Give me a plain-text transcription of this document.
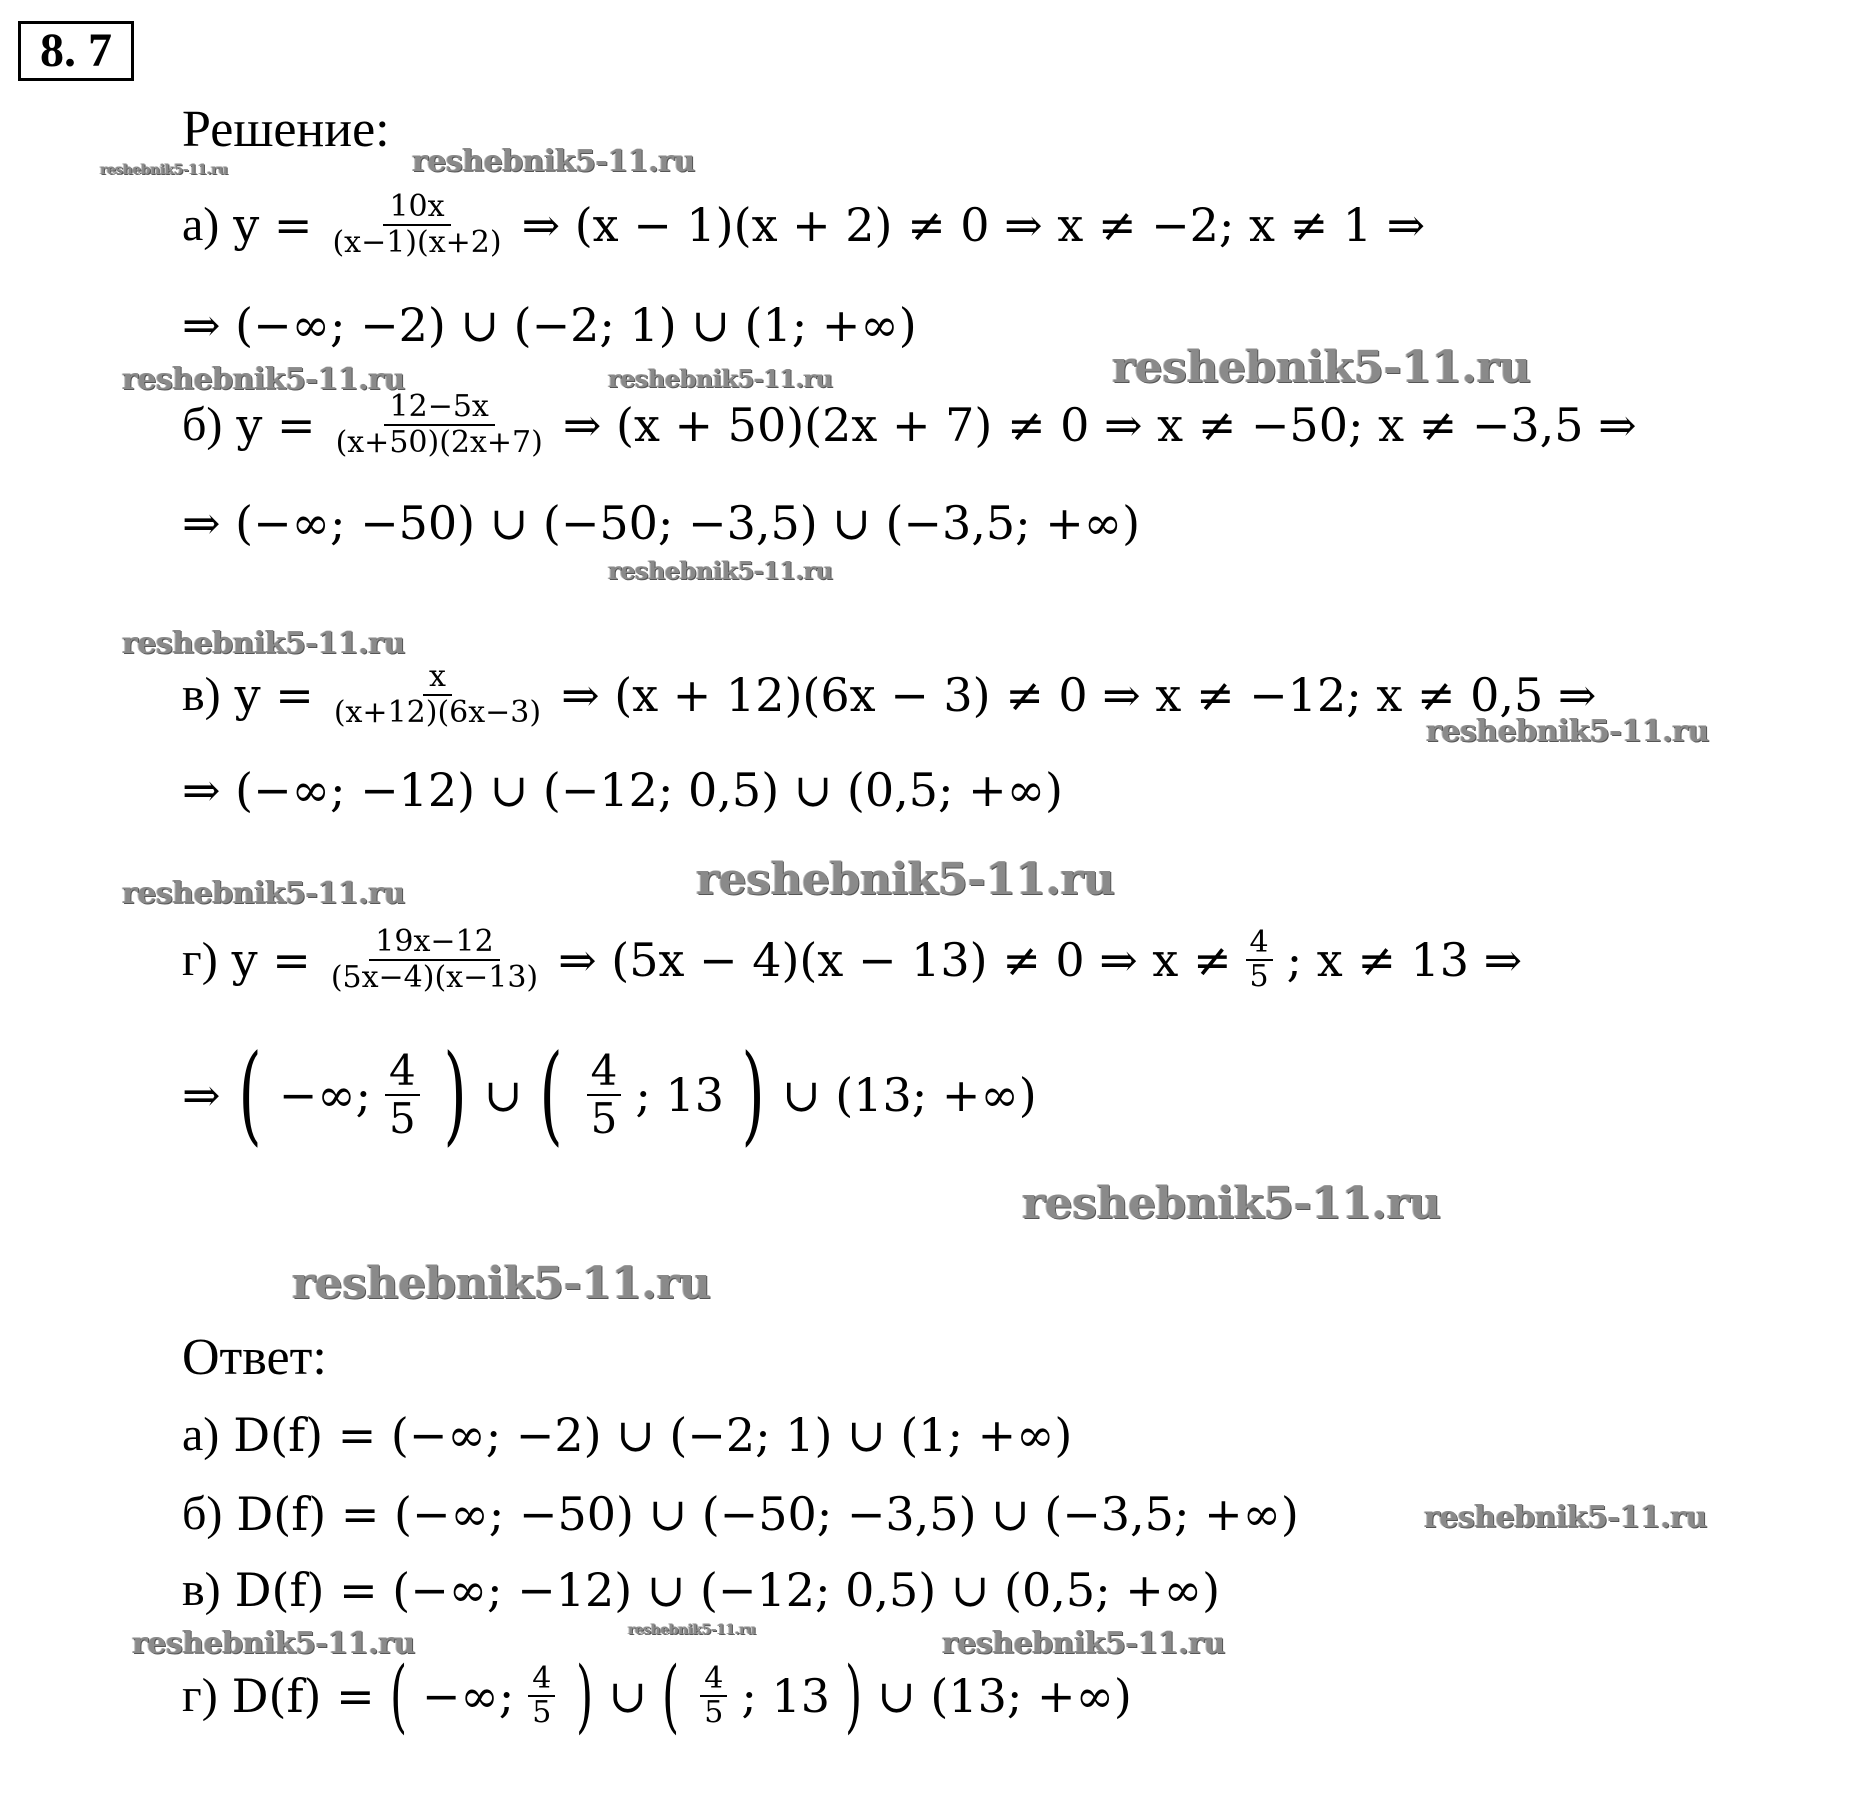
8. 7
Решение:
а) $y = \frac{10x}{(x-1)(x+2)}$ ⇒ (x − 1)(x + 2) ≠ 0 ⇒ x ≠ −2; x ≠ 1 ⇒
⇒ (−∞; −2) ∪ (−2; 1) ∪ (1; +∞)
б) $y = \frac{12-5x}{(x+50)(2x+7)}$ ⇒ (x + 50)(2x + 7) ≠ 0 ⇒ x ≠ −50; x ≠ −3,5 ⇒
⇒ (−∞; −50) ∪ (−50; −3,5) ∪ (−3,5; +∞)
в) $y = \frac{x}{(x+12)(6x-3)}$ ⇒ (x + 12)(6x − 3) ≠ 0 ⇒ x ≠ −12; x ≠ 0,5 ⇒
⇒ (−∞; −12) ∪ (−12; 0,5) ∪ (0,5; +∞)
г) $y = \frac{19x-12}{(5x-4)(x-13)}$ ⇒ (5x − 4)(x − 13) ≠ 0 ⇒ $x \ne \frac{4}{5}$ ; x ≠ 13 ⇒
⇒ ( −∞; $\frac{4}{5}$ ) ∪ ( $\frac{4}{5}$ ; 13 ) ∪ (13; +∞)
Ответ:
а) D(f) = (−∞; −2) ∪ (−2; 1) ∪ (1; +∞)
б) D(f) = (−∞; −50) ∪ (−50; −3,5) ∪ (−3,5; +∞)
в) D(f) = (−∞; −12) ∪ (−12; 0,5) ∪ (0,5; +∞)
г) D(f) = ( −∞; $\frac{4}{5}$ ) ∪ ( $\frac{4}{5}$ ; 13 ) ∪ (13; +∞)
reshebnik5-11.ru	reshebnik5-11.ru
reshebnik5-11.ru	reshebnik5-11.ru	reshebnik5-11.ru
reshebnik5-11.ru
reshebnik5-11.ru
reshebnik5-11.ru
reshebnik5-11.ru	reshebnik5-11.ru
reshebnik5-11.ru
reshebnik5-11.ru
reshebnik5-11.ru
reshebnik5-11.ru	reshebnik5-11.ru	reshebnik5-11.ru
